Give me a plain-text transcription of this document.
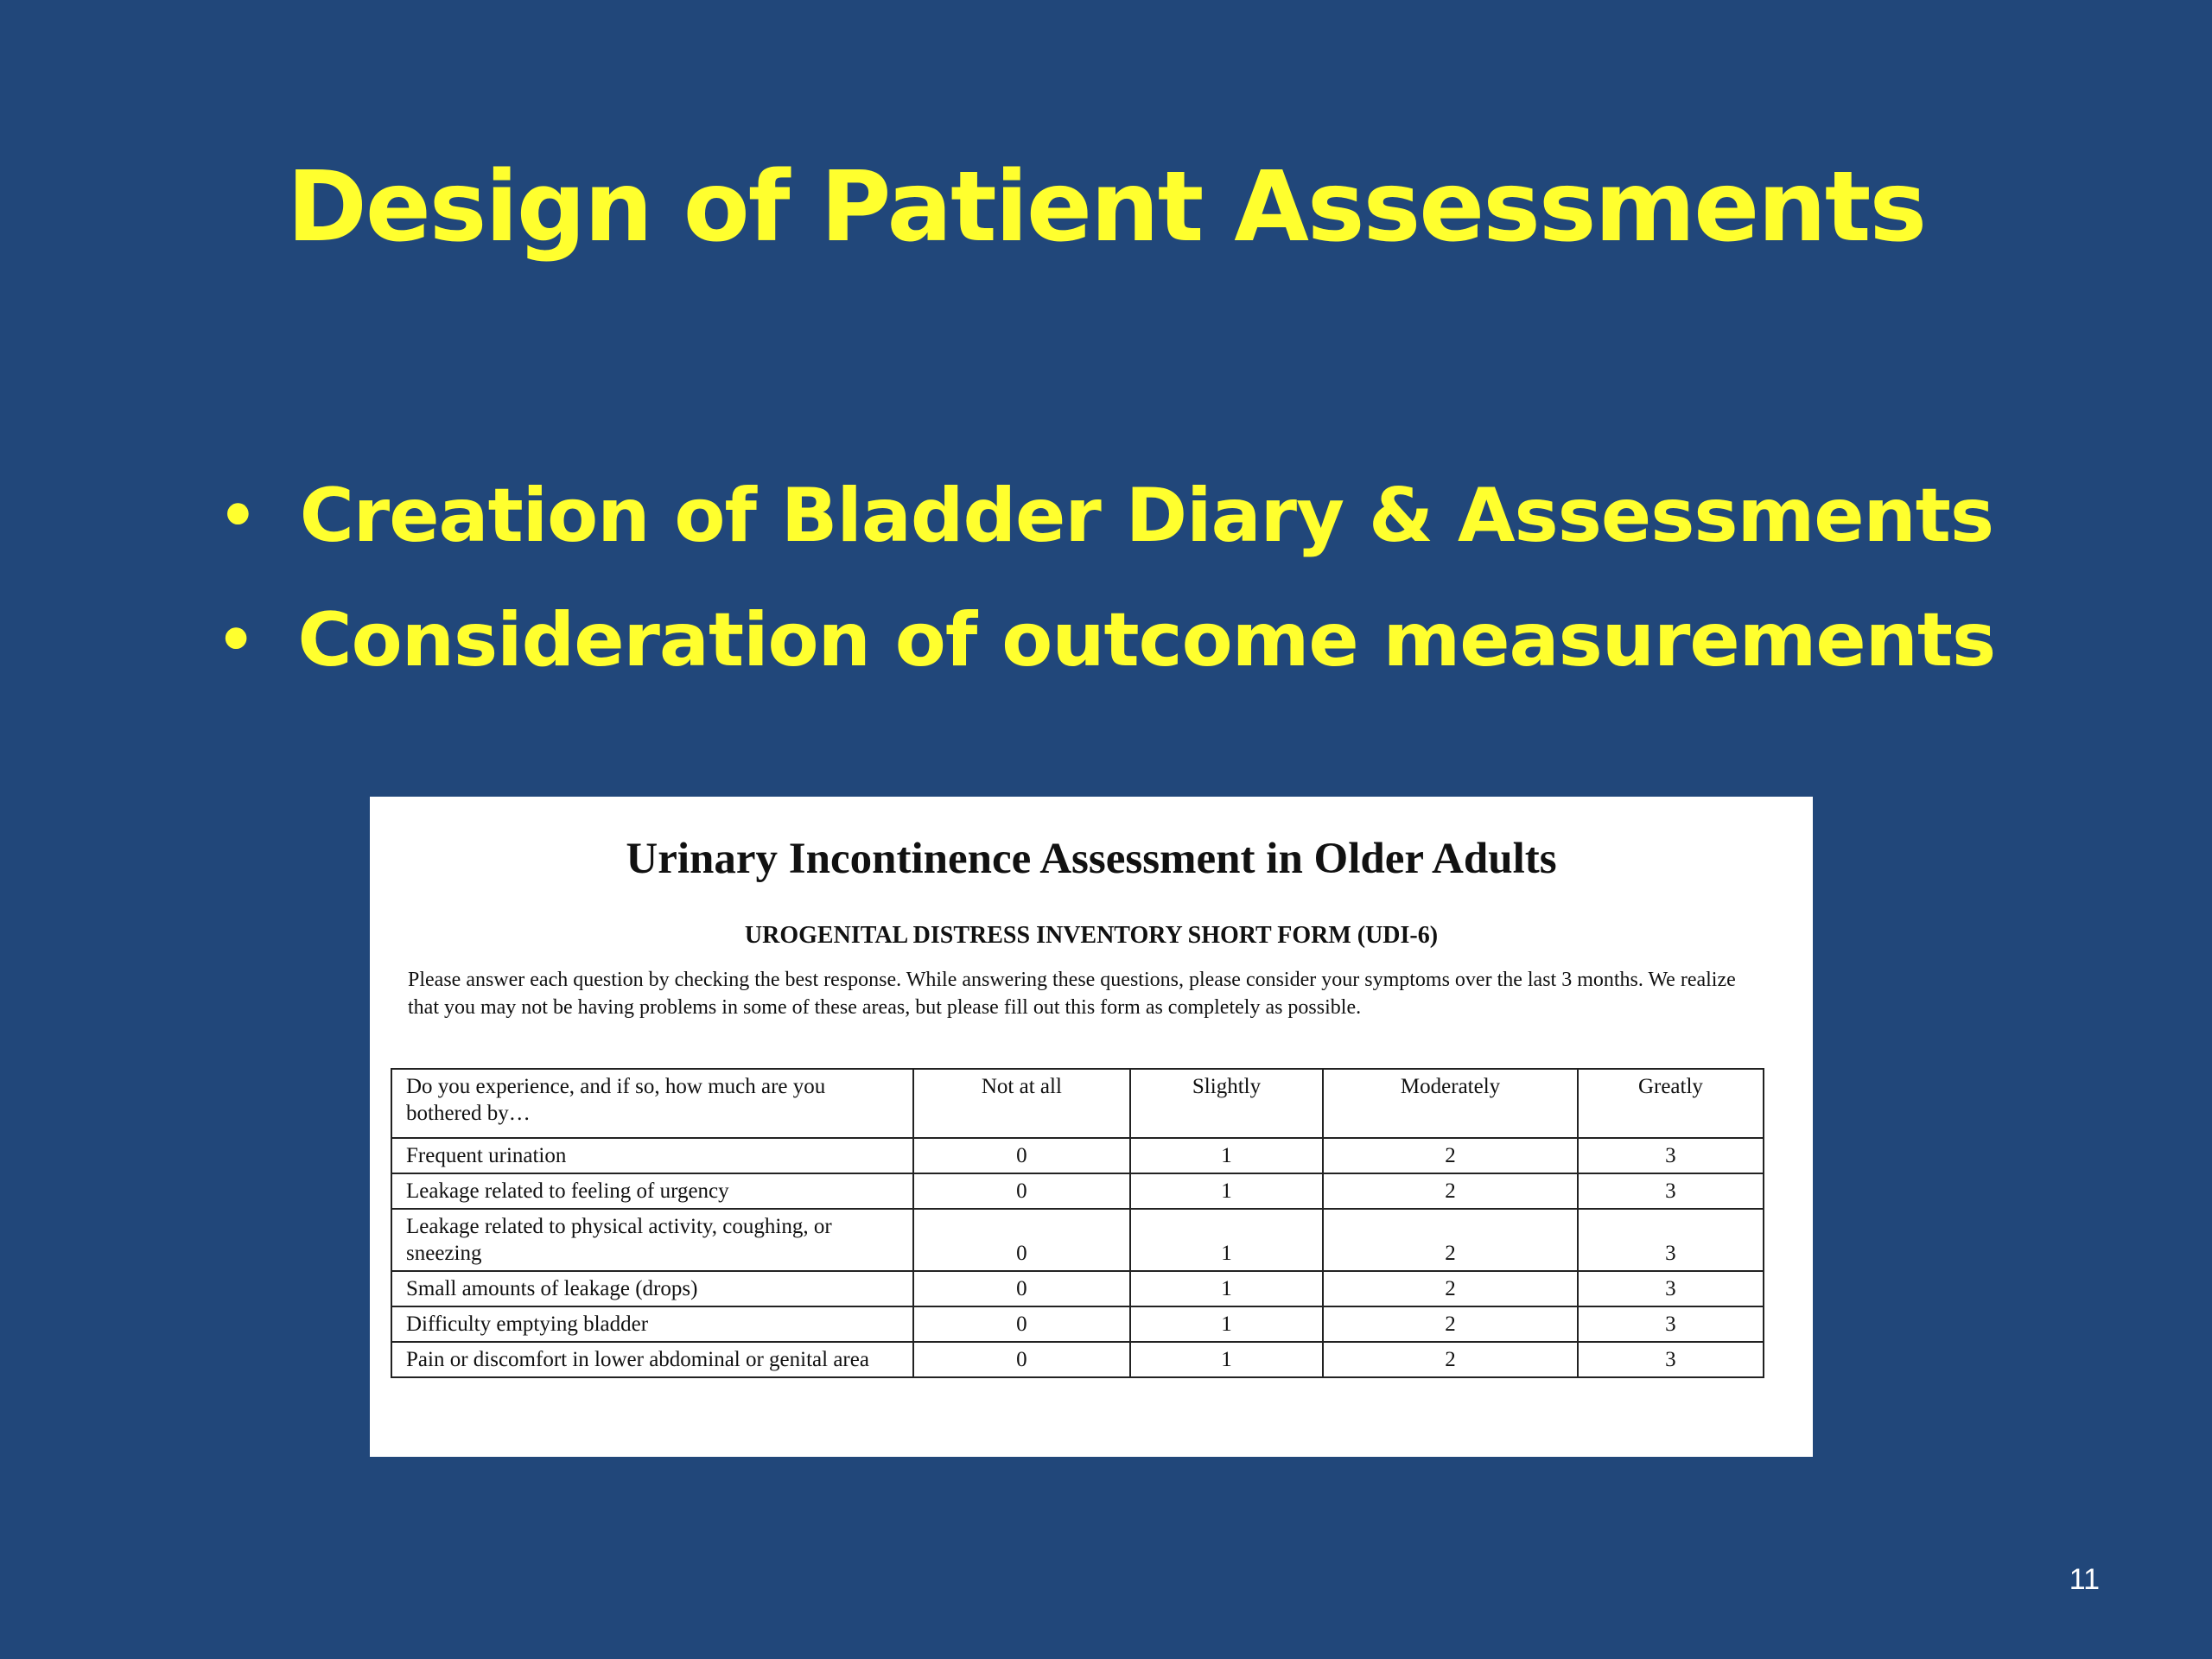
Design of Patient Assessments
• Creation of Bladder Diary & Assessments
• Consideration of outcome measurements
Urinary Incontinence Assessment in Older Adults
UROGENITAL DISTRESS INVENTORY SHORT FORM (UDI-6)
Please answer each question by checking the best response. While answering these questions, please consider your symptoms over the last 3 months. We realize that you may not be having problems in some of these areas, but please fill out this form as completely as possible.
Do you experience, and if so, how much are you bothered by…	Not at all	Slightly	Moderately	Greatly
Frequent urination	0	1	2	3
Leakage related to feeling of urgency	0	1	2	3
Leakage related to physical activity, coughing, or sneezing	0	1	2	3
Small amounts of leakage (drops)	0	1	2	3
Difficulty emptying bladder	0	1	2	3
Pain or discomfort in lower abdominal or genital area	0	1	2	3
11
